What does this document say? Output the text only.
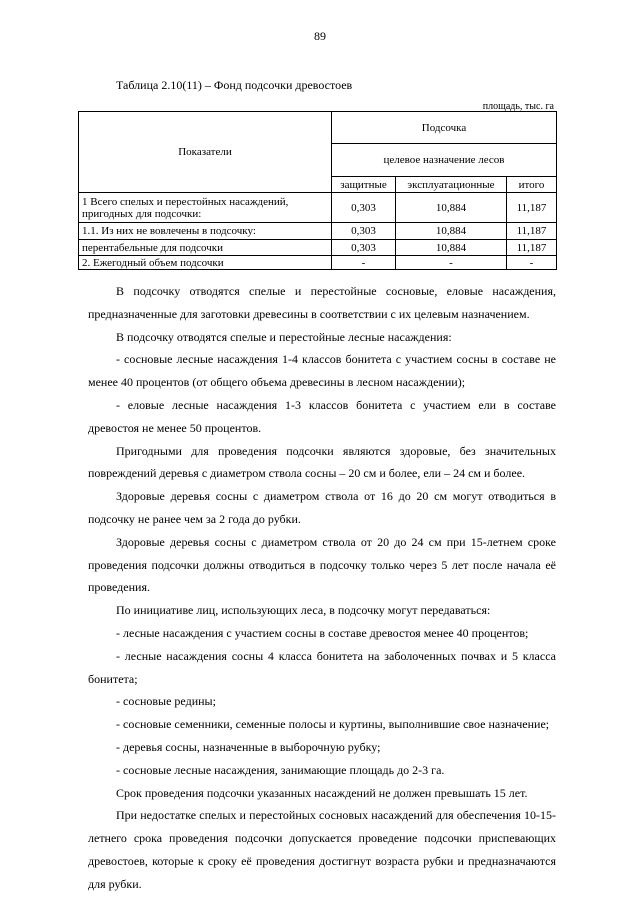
89
Таблица 2.10(11) – Фонд подсочки древостоев
площадь, тыс. га
Показатели	Подсочка		
	целевое назначение лесов		
	защитные	эксплуатационные	итого
1 Всего спелых и перестойных насаждений, пригодных для подсочки:	0,303	10,884	11,187
1.1. Из них не вовлечены в подсочку:	0,303	10,884	11,187
перентабельные для подсочки	0,303	10,884	11,187
2. Ежегодный объем подсочки	-	-	-

В подсочку отводятся спелые и перестойные сосновые, еловые насаждения, предназначенные для заготовки древесины в соответствии с их целевым назначением.

В подсочку отводятся спелые и перестойные лесные насаждения:

- сосновые лесные насаждения 1-4 классов бонитета с участием сосны в составе не менее 40 процентов (от общего объема древесины в лесном насаждении);

- еловые лесные насаждения 1-3 классов бонитета с участием ели в составе древостоя не менее 50 процентов.

Пригодными для проведения подсочки являются здоровые, без значительных повреждений деревья с диаметром ствола сосны – 20 см и более, ели – 24 см и более.

Здоровые деревья сосны с диаметром ствола от 16 до 20 см могут отводиться в подсочку не ранее чем за 2 года до рубки.

Здоровые деревья сосны с диаметром ствола от 20 до 24 см при 15-летнем сроке проведения подсочки должны отводиться в подсочку только через 5 лет после начала её проведения.

По инициативе лиц, использующих леса, в подсочку могут передаваться:

- лесные насаждения с участием сосны в составе древостоя менее 40 процентов;

- лесные насаждения сосны 4 класса бонитета на заболоченных почвах и 5 класса бонитета;

- сосновые редины;

- сосновые семенники, семенные полосы и куртины, выполнившие свое назначение;

- деревья сосны, назначенные в выборочную рубку;

- сосновые лесные насаждения, занимающие площадь до 2-3 га.

Срок проведения подсочки указанных насаждений не должен превышать 15 лет.

При недостатке спелых и перестойных сосновых насаждений для обеспечения 10-15-летнего срока проведения подсочки допускается проведение подсочки приспевающих древостоев, которые к сроку её проведения достигнут возраста рубки и предназначаются для рубки.
